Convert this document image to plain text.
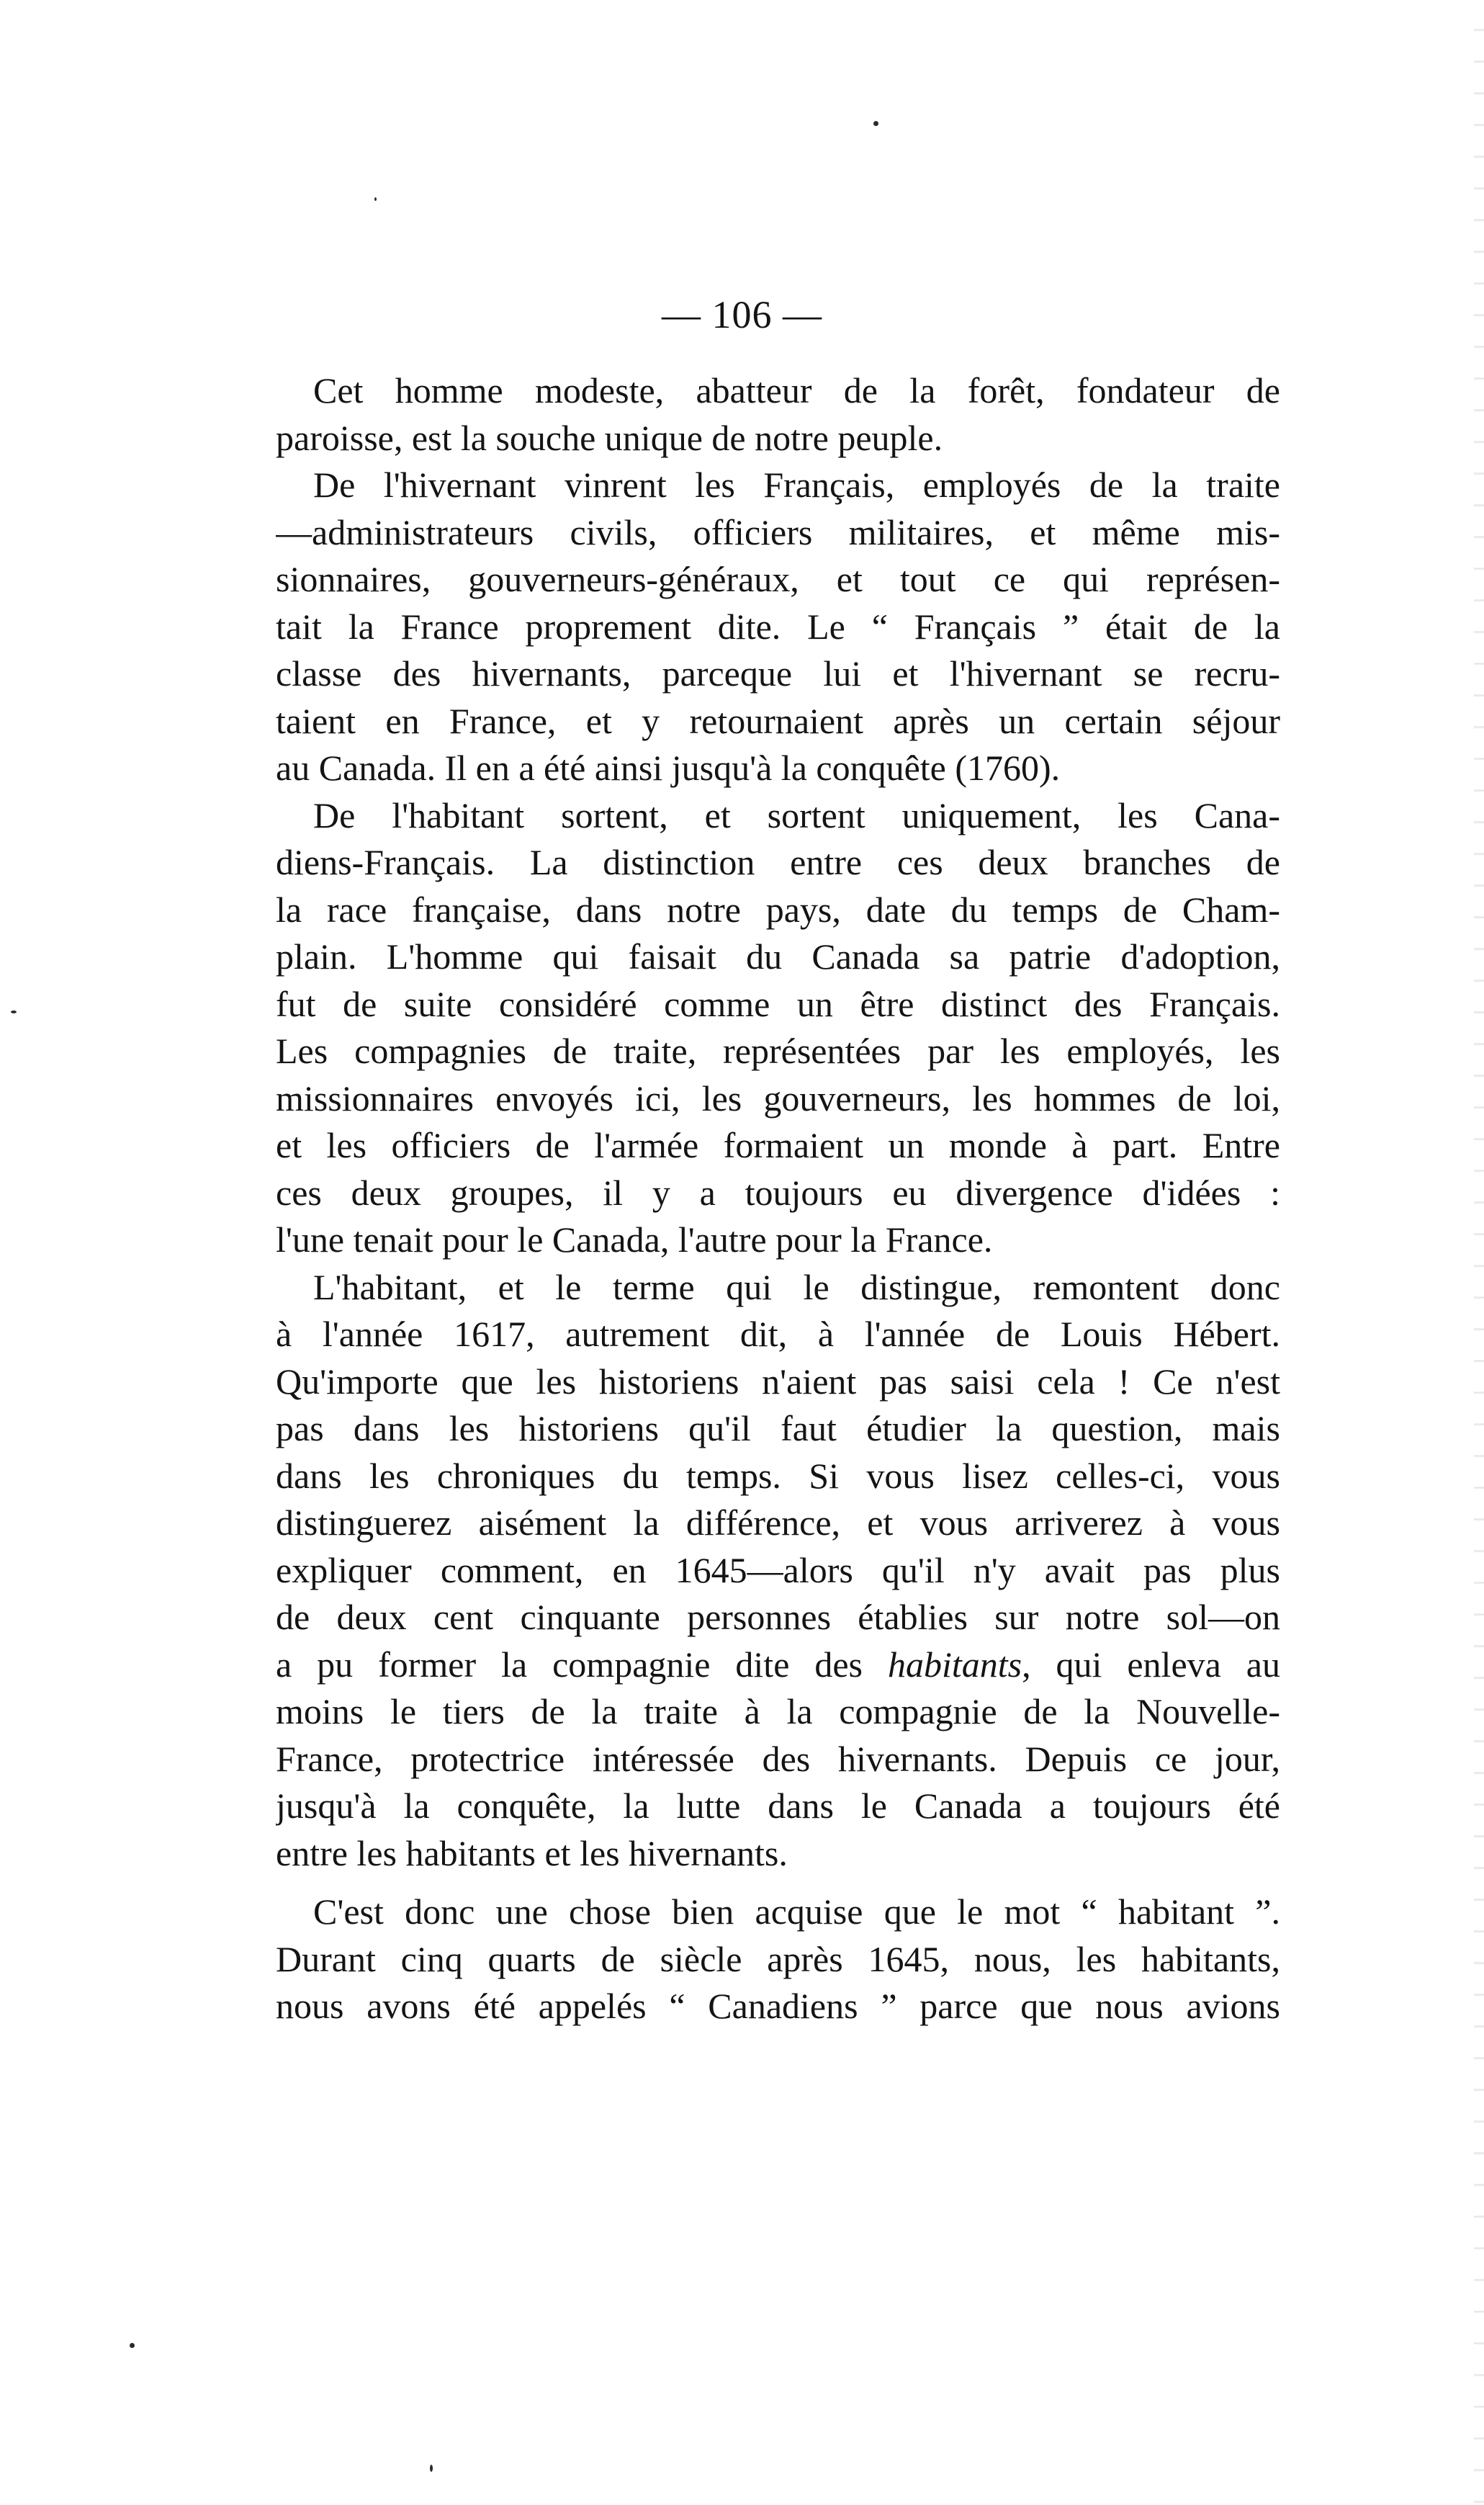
— 106 —
Cet homme modeste, abatteur de la forêt, fondateur de
paroisse, est la souche unique de notre peuple.
De l'hivernant vinrent les Français, employés de la traite
—administrateurs civils, officiers militaires, et même mis-
sionnaires, gouverneurs-généraux, et tout ce qui représen-
tait la France proprement dite. Le “ Français ” était de la
classe des hivernants, parceque lui et l'hivernant se recru-
taient en France, et y retournaient après un certain séjour
au Canada. Il en a été ainsi jusqu'à la conquête (1760).
De l'habitant sortent, et sortent uniquement, les Cana-
diens-Français. La distinction entre ces deux branches de
la race française, dans notre pays, date du temps de Cham-
plain. L'homme qui faisait du Canada sa patrie d'adoption,
fut de suite considéré comme un être distinct des Français.
Les compagnies de traite, représentées par les employés, les
missionnaires envoyés ici, les gouverneurs, les hommes de loi,
et les officiers de l'armée formaient un monde à part. Entre
ces deux groupes, il y a toujours eu divergence d'idées :
l'une tenait pour le Canada, l'autre pour la France.
L'habitant, et le terme qui le distingue, remontent donc
à l'année 1617, autrement dit, à l'année de Louis Hébert.
Qu'importe que les historiens n'aient pas saisi cela ! Ce n'est
pas dans les historiens qu'il faut étudier la question, mais
dans les chroniques du temps. Si vous lisez celles-ci, vous
distinguerez aisément la différence, et vous arriverez à vous
expliquer comment, en 1645—alors qu'il n'y avait pas plus
de deux cent cinquante personnes établies sur notre sol—on
a pu former la compagnie dite des habitants, qui enleva au
moins le tiers de la traite à la compagnie de la Nouvelle-
France, protectrice intéressée des hivernants. Depuis ce jour,
jusqu'à la conquête, la lutte dans le Canada a toujours été
entre les habitants et les hivernants.
C'est donc une chose bien acquise que le mot “ habitant ”.
Durant cinq quarts de siècle après 1645, nous, les habitants,
nous avons été appelés “ Canadiens ” parce que nous avions
